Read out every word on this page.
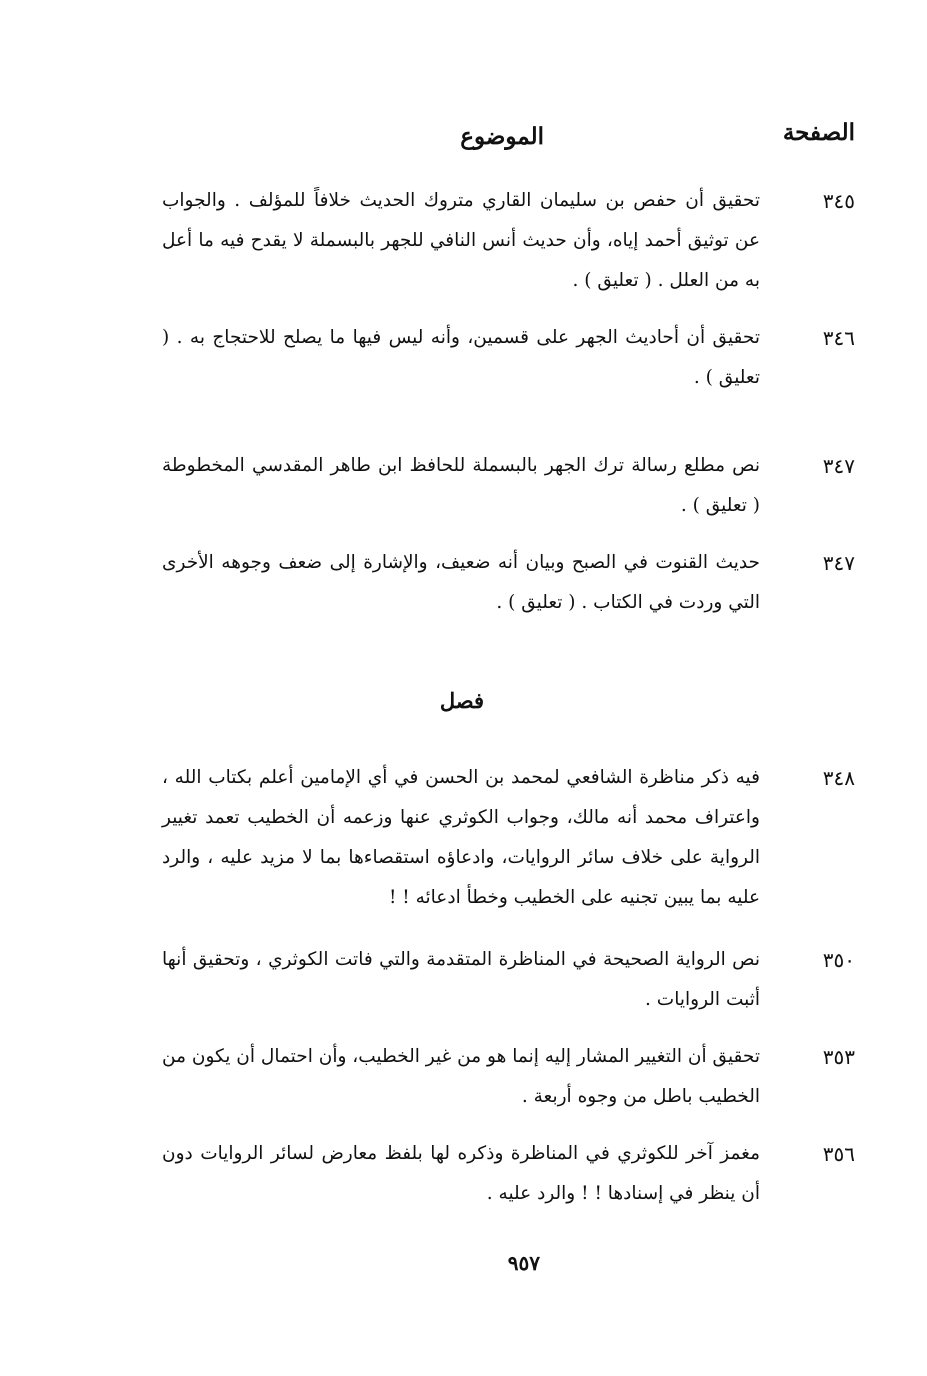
الصفحة
الموضوع
٣٤٥
تحقيق أن حفص بن سليمان القاري متروك الحديث خلافاً للمؤلف . والجواب عن توثيق أحمد إياه، وأن حديث أنس النافي للجهر بالبسملة لا يقدح فيه ما أعل به من العلل . ( تعليق ) .
٣٤٦
تحقيق أن أحاديث الجهر على قسمين، وأنه ليس فيها ما يصلح للاحتجاج به . ( تعليق ) .
٣٤٧
نص مطلع رسالة ترك الجهر بالبسملة للحافظ ابن طاهر المقدسي المخطوطة ( تعليق ) .
٣٤٧
حديث القنوت في الصبح وبيان أنه ضعيف، والإشارة إلى ضعف وجوهه الأخرى التي وردت في الكتاب . ( تعليق ) .
فصل
٣٤٨
فيه ذكر مناظرة الشافعي لمحمد بن الحسن في أي الإمامين أعلم بكتاب الله ، واعتراف محمد أنه مالك، وجواب الكوثري عنها وزعمه أن الخطيب تعمد تغيير الرواية على خلاف سائر الروايات، وادعاؤه استقصاءها بما لا مزيد عليه ، والرد عليه بما يبين تجنيه على الخطيب وخطأ ادعائه ! !
٣٥٠
نص الرواية الصحيحة في المناظرة المتقدمة والتي فاتت الكوثري ، وتحقيق أنها أثبت الروايات .
٣٥٣
تحقيق أن التغيير المشار إليه إنما هو من غير الخطيب، وأن احتمال أن يكون من الخطيب باطل من وجوه أربعة .
٣٥٦
مغمز آخر للكوثري في المناظرة وذكره لها بلفظ معارض لسائر الروايات دون أن ينظر في إسنادها ! ! والرد عليه .
٩٥٧
